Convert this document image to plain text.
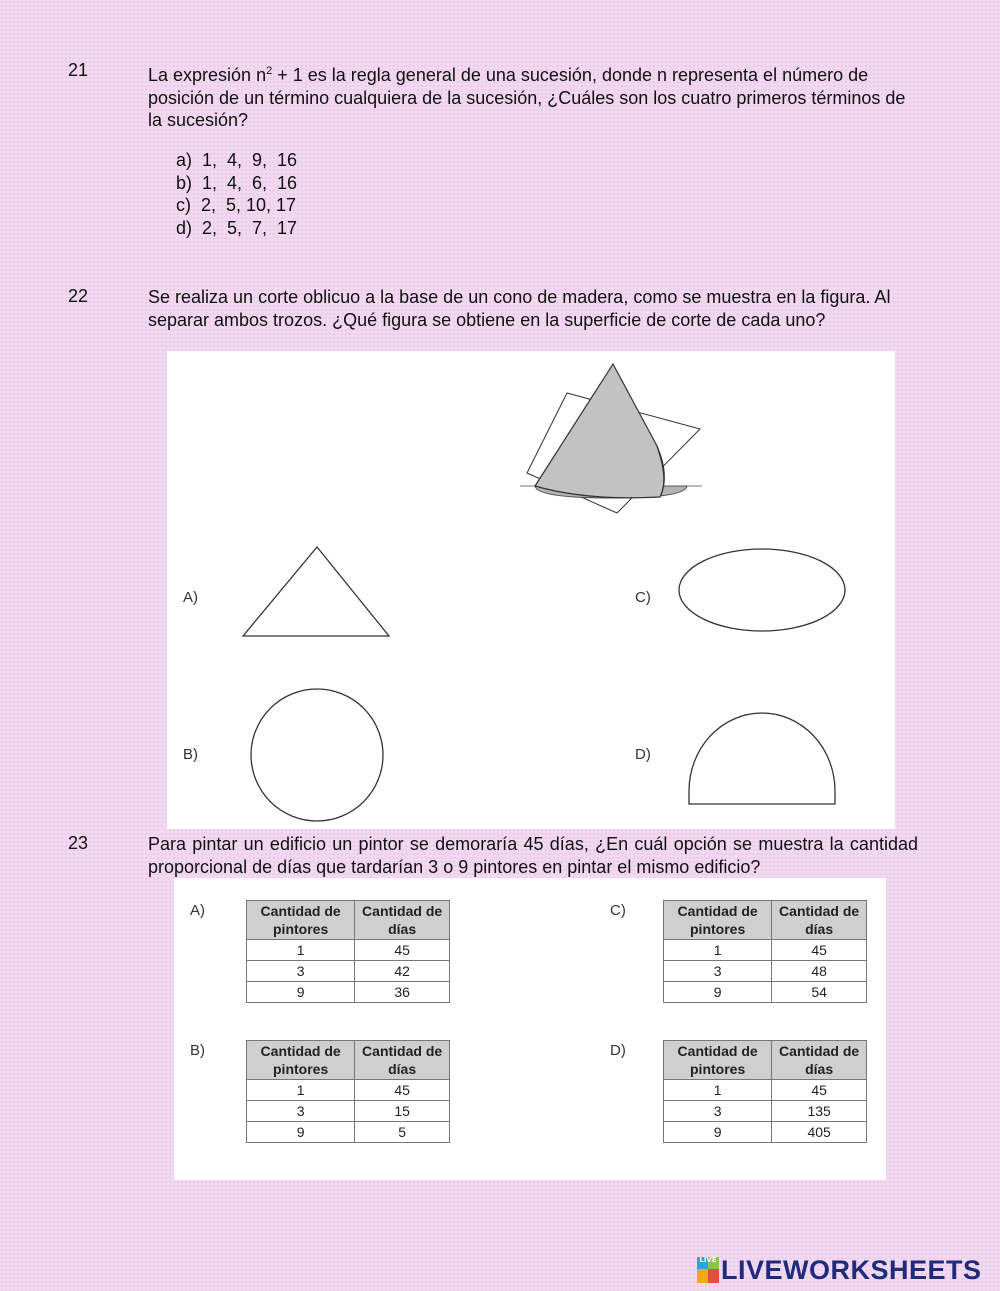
21	La expresión $n^2 + 1$ es la regla general de una sucesión, donde n representa el número de posición de un término cualquiera de la sucesión, ¿Cuáles son los cuatro primeros términos de la sucesión?
a)  1,  4,  9,  16
b)  1,  4,  6,  16
c)  2,  5, 10, 17
d)  2,  5,  7,  17
22	Se realiza un corte oblicuo a la base de un cono de madera, como se muestra en la figura. Al separar ambos trozos. ¿Qué figura se obtiene en la superficie de corte de cada uno?
A)	C)
B)	D)
23	Para pintar un edificio un pintor se demoraría 45 días, ¿En cuál opción se muestra la cantidad proporcional de días que tardarían 3 o 9 pintores en pintar el mismo edificio?
A)	Cantidad de pintores	Cantidad de días
1	45
3	42
9	36
C)	Cantidad de pintores	Cantidad de días
1	45
3	48
9	54
B)	Cantidad de pintores	Cantidad de días
1	45
3	15
9	5
D)	Cantidad de pintores	Cantidad de días
1	45
3	135
9	405
LIVE LIVEWORKSHEETS
